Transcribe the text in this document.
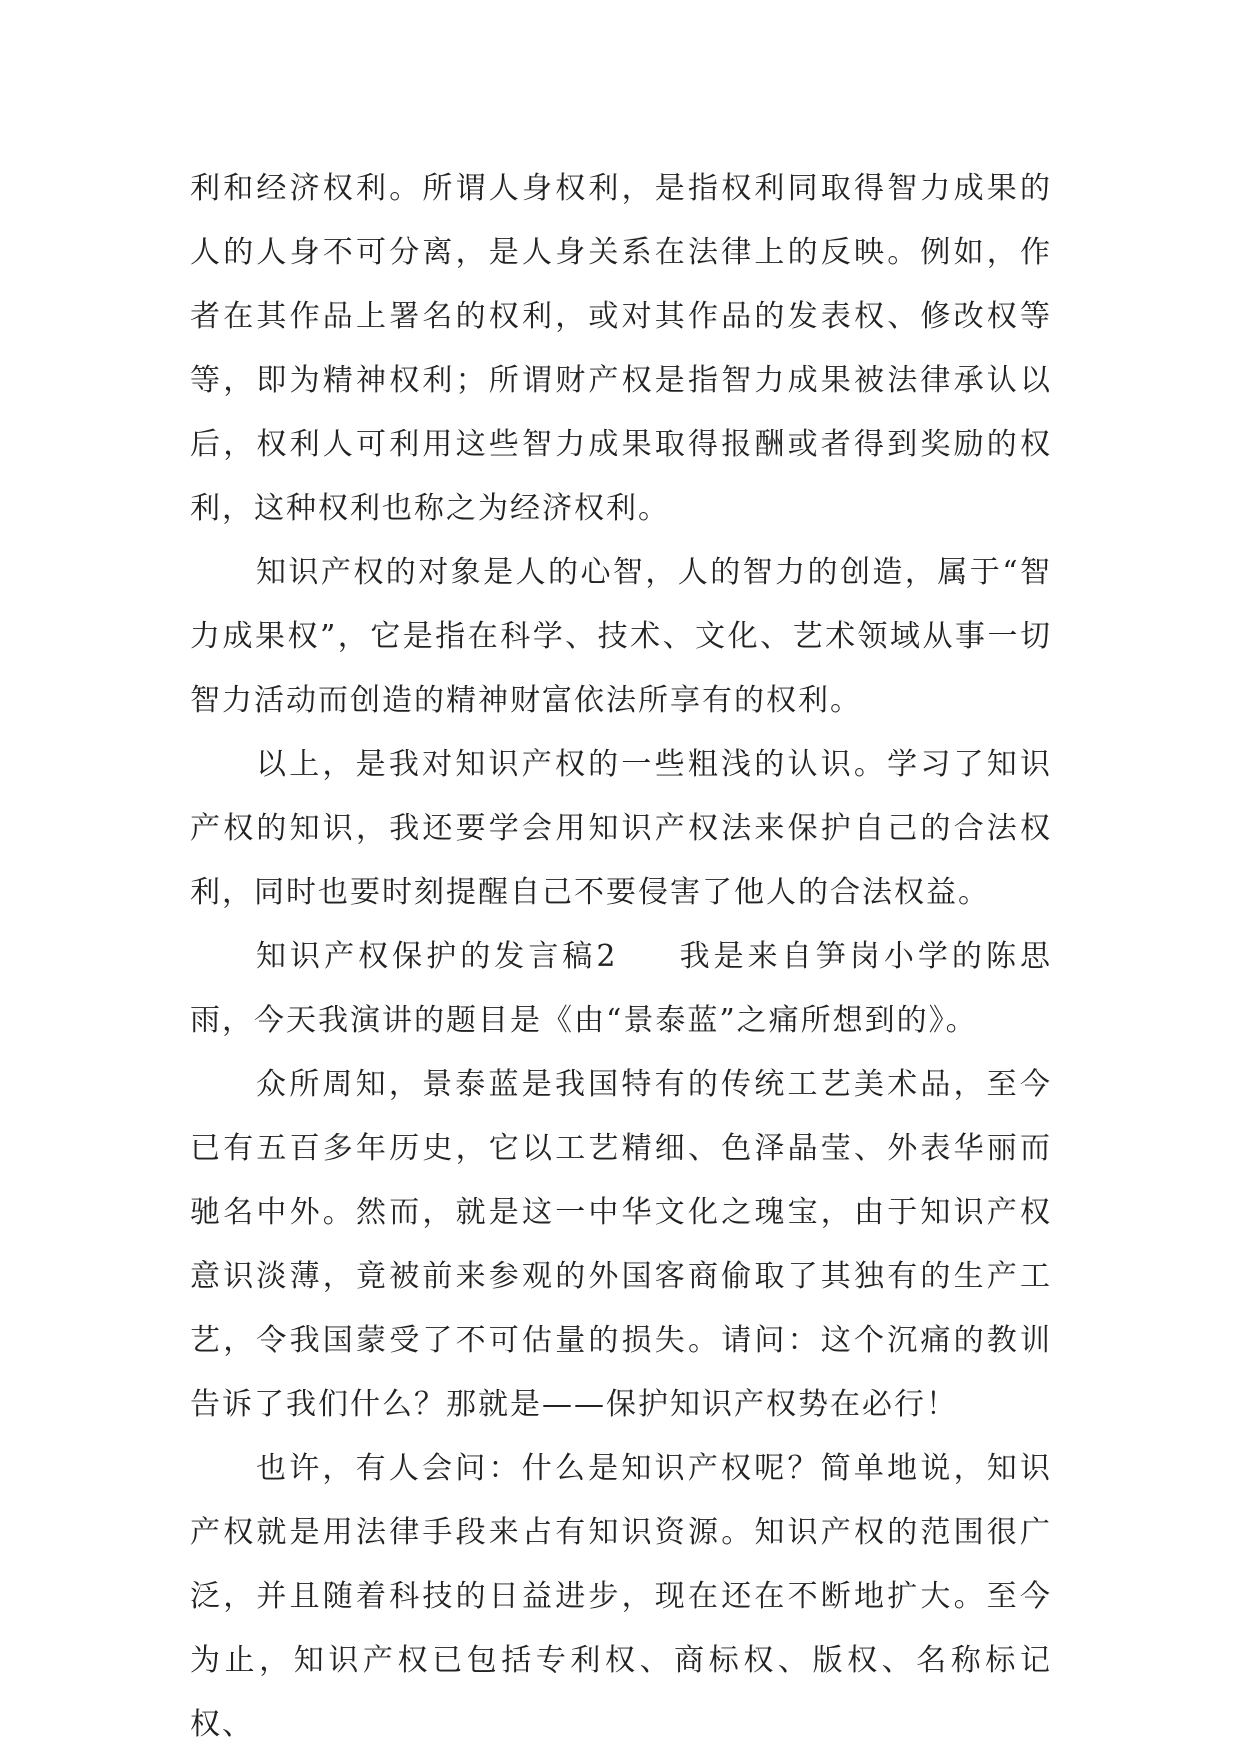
利和经济权利。所谓人身权利，是指权利同取得智力成果的人的人身不可分离，是人身关系在法律上的反映。例如，作者在其作品上署名的权利，或对其作品的发表权、修改权等等，即为精神权利；所谓财产权是指智力成果被法律承认以后，权利人可利用这些智力成果取得报酬或者得到奖励的权利，这种权利也称之为经济权利。

知识产权的对象是人的心智，人的智力的创造，属于“智力成果权”，它是指在科学、技术、文化、艺术领域从事一切智力活动而创造的精神财富依法所享有的权利。

以上，是我对知识产权的一些粗浅的认识。学习了知识产权的知识，我还要学会用知识产权法来保护自己的合法权利，同时也要时刻提醒自己不要侵害了他人的合法权益。

知识产权保护的发言稿2 我是来自笋岗小学的陈思雨，今天我演讲的题目是《由“景泰蓝”之痛所想到的》。

众所周知，景泰蓝是我国特有的传统工艺美术品，至今已有五百多年历史，它以工艺精细、色泽晶莹、外表华丽而驰名中外。然而，就是这一中华文化之瑰宝，由于知识产权意识淡薄，竟被前来参观的外国客商偷取了其独有的生产工艺，令我国蒙受了不可估量的损失。请问：这个沉痛的教训告诉了我们什么？那就是——保护知识产权势在必行！

也许，有人会问：什么是知识产权呢？简单地说，知识产权就是用法律手段来占有知识资源。知识产权的范围很广泛，并且随着科技的日益进步，现在还在不断地扩大。至今为止，知识产权已包括专利权、商标权、版权、名称标记权、
